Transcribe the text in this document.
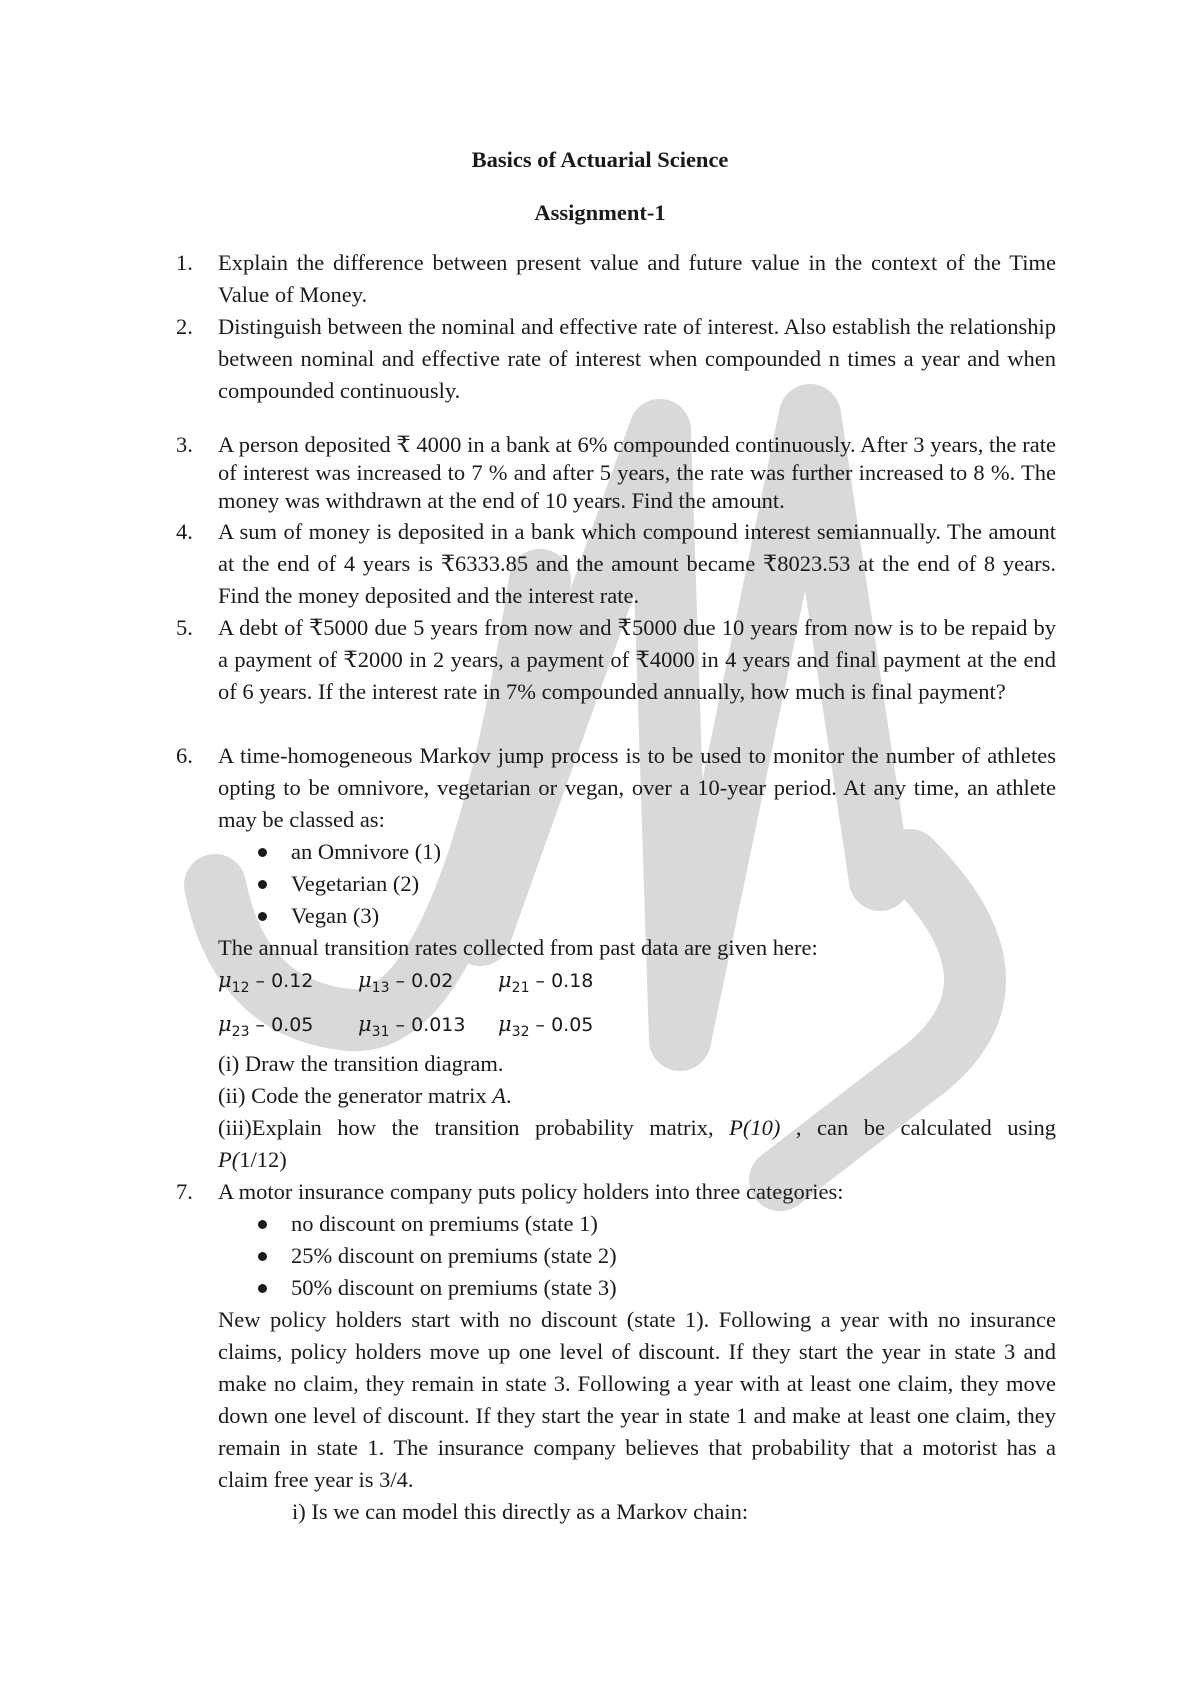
Basics of Actuarial Science
Assignment-1
1.	Explain the difference between present value and future value in the context of the Time Value of Money.
2.	Distinguish between the nominal and effective rate of interest. Also establish the relationship between nominal and effective rate of interest when compounded n times a year and when compounded continuously.
3.	A person deposited ₹ 4000 in a bank at 6% compounded continuously. After 3 years, the rate of interest was increased to 7 % and after 5 years, the rate was further increased to 8 %. The money was withdrawn at the end of 10 years. Find the amount.
4.	A sum of money is deposited in a bank which compound interest semiannually. The amount at the end of 4 years is ₹6333.85 and the amount became ₹8023.53 at the end of 8 years. Find the money deposited and the interest rate.
5.	A debt of ₹5000 due 5 years from now and ₹5000 due 10 years from now is to be repaid by a payment of ₹2000 in 2 years, a payment of ₹4000 in 4 years and final payment at the end of 6 years. If the interest rate in 7% compounded annually, how much is final payment?
6.	A time-homogeneous Markov jump process is to be used to monitor the number of athletes opting to be omnivore, vegetarian or vegan, over a 10-year period. At any time, an athlete may be classed as:
an Omnivore (1)
Vegetarian (2)
Vegan (3)
The annual transition rates collected from past data are given here:
$\mu_{12} - 0.12$ $\mu_{13} - 0.02$ $\mu_{21} - 0.18$
$\mu_{23} - 0.05$ $\mu_{31} - 0.013$ $\mu_{32} - 0.05$
(i) Draw the transition diagram.
(ii) Code the generator matrix A.
(iii)Explain how the transition probability matrix, P(10) , can be calculated using
P(1/12)
7.	A motor insurance company puts policy holders into three categories:
no discount on premiums (state 1)
25% discount on premiums (state 2)
50% discount on premiums (state 3)
New policy holders start with no discount (state 1). Following a year with no insurance claims, policy holders move up one level of discount. If they start the year in state 3 and make no claim, they remain in state 3. Following a year with at least one claim, they move down one level of discount. If they start the year in state 1 and make at least one claim, they remain in state 1. The insurance company believes that probability that a motorist has a claim free year is 3/4.
i) Is we can model this directly as a Markov chain:
